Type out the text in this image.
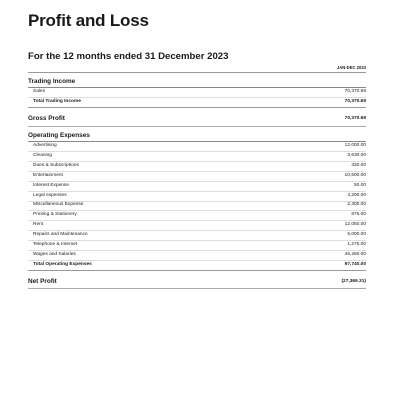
Profit and Loss
For the 12 months ended 31 December 2023
JAN-DEC 2023
Trading Income
Sales	70,370.69
Total Trading Income	70,370.69
Gross Profit	70,370.69
Operating Expenses
Advertising	12,000.00
Cleaning	3,630.00
Dues & Subscriptions	330.00
Entertainment	10,600.00
Interest Expense	50.00
Legal expenses	4,200.00
Miscellaneous Expense	2,300.00
Printing & Stationery	875.00
Rent	12,050.00
Repairs and Maintenance	6,000.00
Telephone & Internet	1,275.00
Wages and Salaries	45,260.00
Total Operating Expenses	97,740.00
Net Profit	(27,369.31)
